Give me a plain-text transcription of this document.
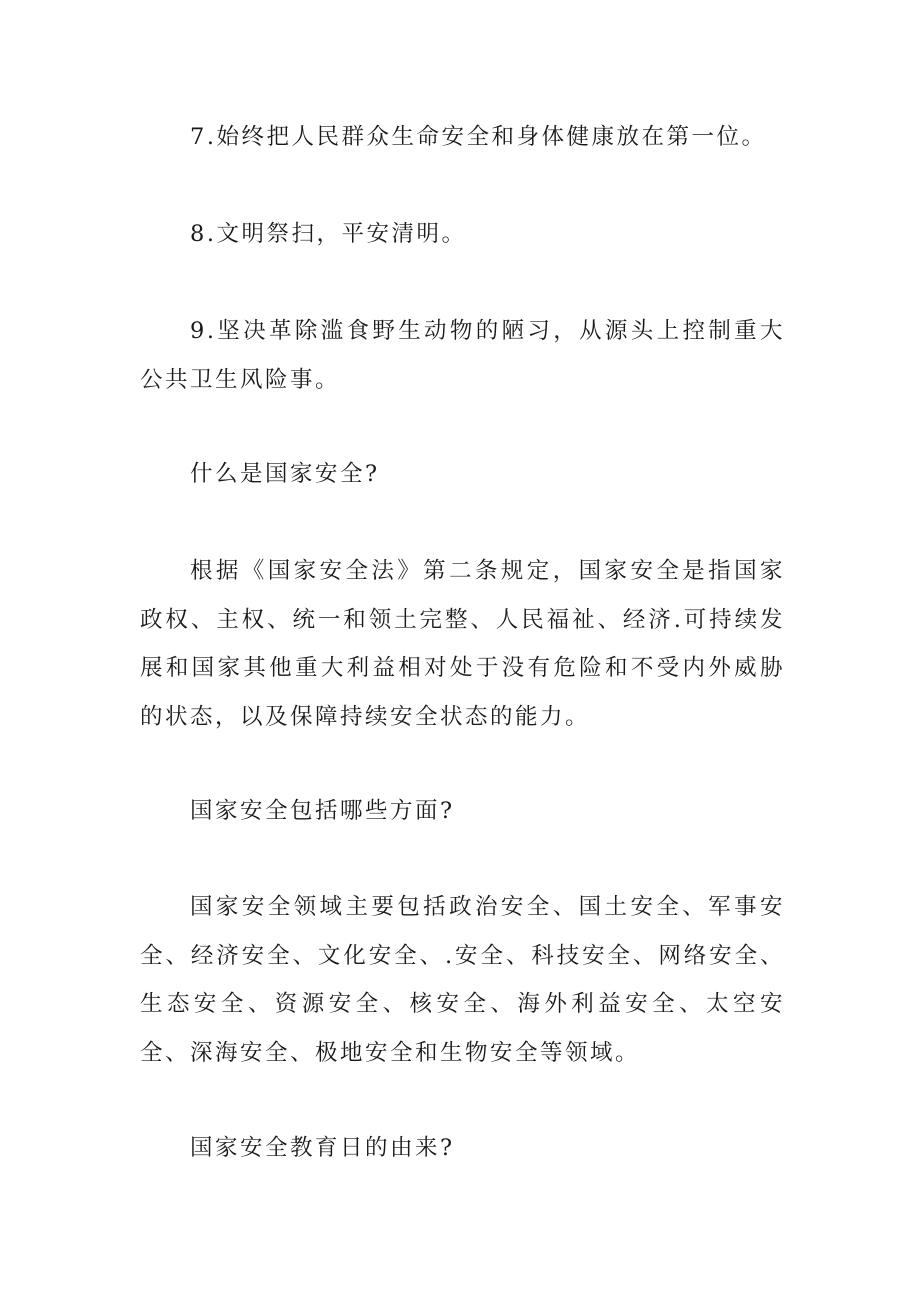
7.始终把人民群众生命安全和身体健康放在第一位。

8.文明祭扫，平安清明。

9.坚决革除滥食野生动物的陋习，从源头上控制重大公共卫生风险事。

什么是国家安全?

根据《国家安全法》第二条规定，国家安全是指国家政权、主权、统一和领土完整、人民福祉、经济.可持续发展和国家其他重大利益相对处于没有危险和不受内外威胁的状态，以及保障持续安全状态的能力。

国家安全包括哪些方面?

国家安全领域主要包括政治安全、国土安全、军事安全、经济安全、文化安全、.安全、科技安全、网络安全、生态安全、资源安全、核安全、海外利益安全、太空安全、深海安全、极地安全和生物安全等领域。

国家安全教育日的由来?
